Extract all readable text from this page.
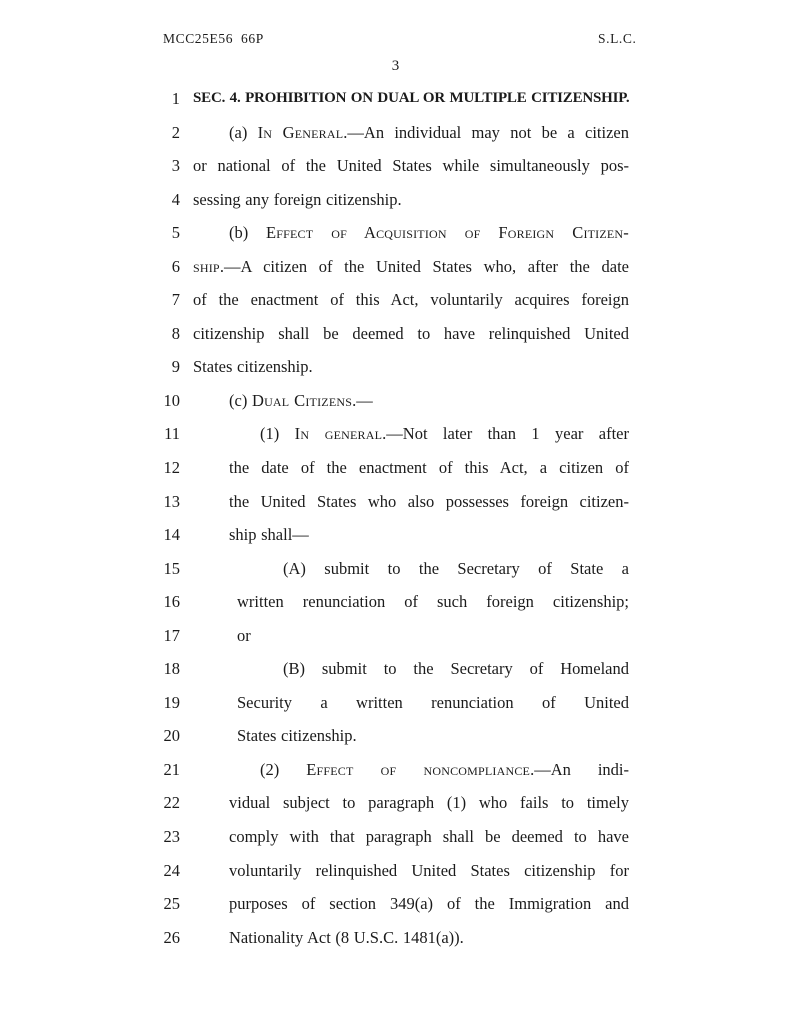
MCC25E56  66P	S.L.C.
3
1 SEC. 4. PROHIBITION ON DUAL OR MULTIPLE CITIZENSHIP.
2	(a) In General.—An individual may not be a citizen
3 or national of the United States while simultaneously pos-
4 sessing any foreign citizenship.
5	(b) Effect of Acquisition of Foreign Citizen-
6 ship.—A citizen of the United States who, after the date
7 of the enactment of this Act, voluntarily acquires foreign
8 citizenship shall be deemed to have relinquished United
9 States citizenship.
10	(c) Dual Citizens.—
11	(1) In general.—Not later than 1 year after
12	the date of the enactment of this Act, a citizen of
13	the United States who also possesses foreign citizen-
14	ship shall—
15	(A) submit to the Secretary of State a
16	written renunciation of such foreign citizenship;
17	or
18	(B) submit to the Secretary of Homeland
19	Security a written renunciation of United
20	States citizenship.
21	(2) Effect of noncompliance.—An indi-
22	vidual subject to paragraph (1) who fails to timely
23	comply with that paragraph shall be deemed to have
24	voluntarily relinquished United States citizenship for
25	purposes of section 349(a) of the Immigration and
26	Nationality Act (8 U.S.C. 1481(a)).
